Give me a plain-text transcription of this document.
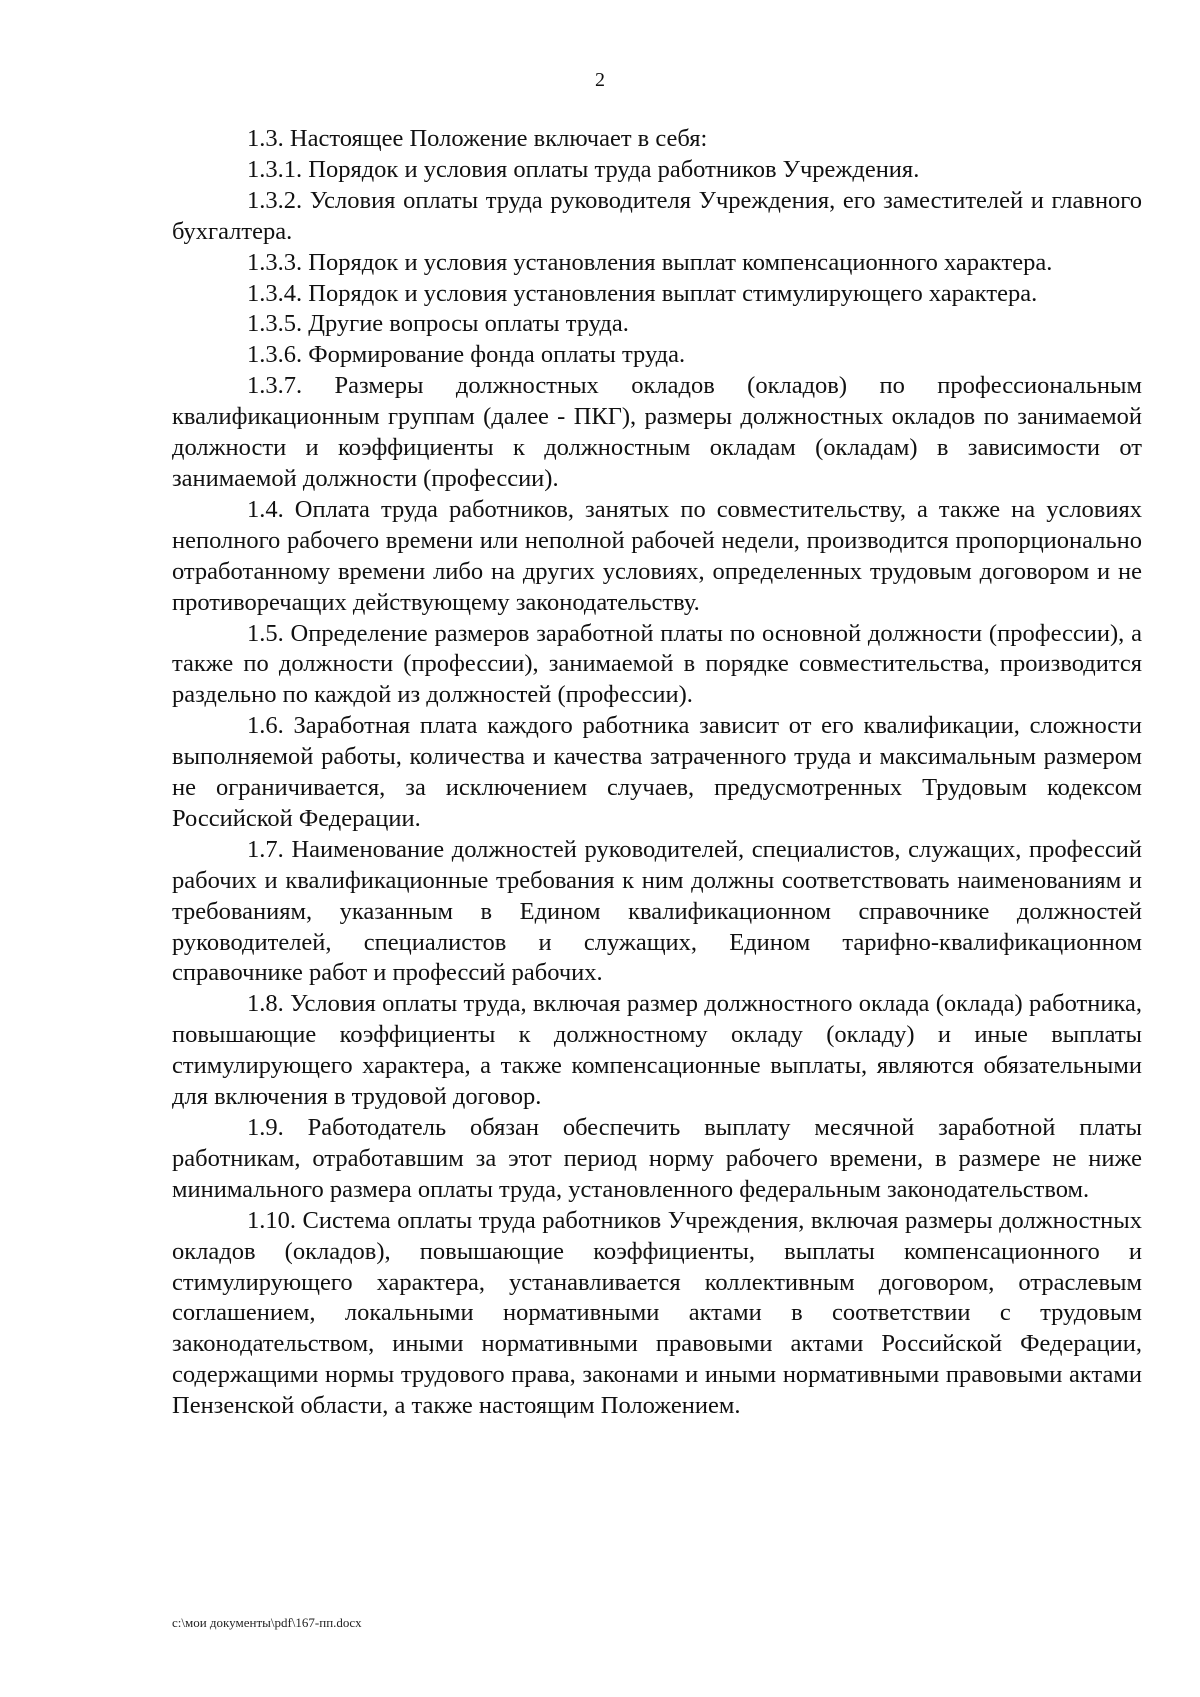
2

1.3. Настоящее Положение включает в себя:

1.3.1. Порядок и условия оплаты труда работников Учреждения.

1.3.2. Условия оплаты труда руководителя Учреждения, его заместителей и главного бухгалтера.

1.3.3. Порядок и условия установления выплат компенсационного характера.

1.3.4. Порядок и условия установления выплат стимулирующего характера.

1.3.5. Другие вопросы оплаты труда.

1.3.6. Формирование фонда оплаты труда.

1.3.7. Размеры должностных окладов (окладов) по профессиональным квалификационным группам (далее - ПКГ), размеры должностных окладов по занимаемой должности и коэффициенты к должностным окладам (окладам) в зависимости от занимаемой должности (профессии).

1.4. Оплата труда работников, занятых по совместительству, а также на условиях неполного рабочего времени или неполной рабочей недели, производится пропорционально отработанному времени либо на других условиях, определенных трудовым договором и не противоречащих действующему законодательству.

1.5. Определение размеров заработной платы по основной должности (профессии), а также по должности (профессии), занимаемой в порядке совместительства, производится раздельно по каждой из должностей (профессии).

1.6. Заработная плата каждого работника зависит от его квалификации, сложности выполняемой работы, количества и качества затраченного труда и максимальным размером не ограничивается, за исключением случаев, предусмотренных Трудовым кодексом Российской Федерации.

1.7. Наименование должностей руководителей, специалистов, служащих, профессий рабочих и квалификационные требования к ним должны соответствовать наименованиям и требованиям, указанным в Едином квалификационном справочнике должностей руководителей, специалистов и служащих, Едином тарифно-квалификационном справочнике работ и профессий рабочих.

1.8. Условия оплаты труда, включая размер должностного оклада (оклада) работника, повышающие коэффициенты к должностному окладу (окладу) и иные выплаты стимулирующего характера, а также компенсационные выплаты, являются обязательными для включения в трудовой договор.

1.9. Работодатель обязан обеспечить выплату месячной заработной платы работникам, отработавшим за этот период норму рабочего времени, в размере не ниже минимального размера оплаты труда, установленного федеральным законодательством.

1.10. Система оплаты труда работников Учреждения, включая размеры должностных окладов (окладов), повышающие коэффициенты, выплаты компенсационного и стимулирующего характера, устанавливается коллективным договором, отраслевым соглашением, локальными нормативными актами в соответствии с трудовым законодательством, иными нормативными правовыми актами Российской Федерации, содержащими нормы трудового права, законами и иными нормативными правовыми актами Пензенской области, а также настоящим Положением.

с:\мои документы\pdf\167-пп.docx
